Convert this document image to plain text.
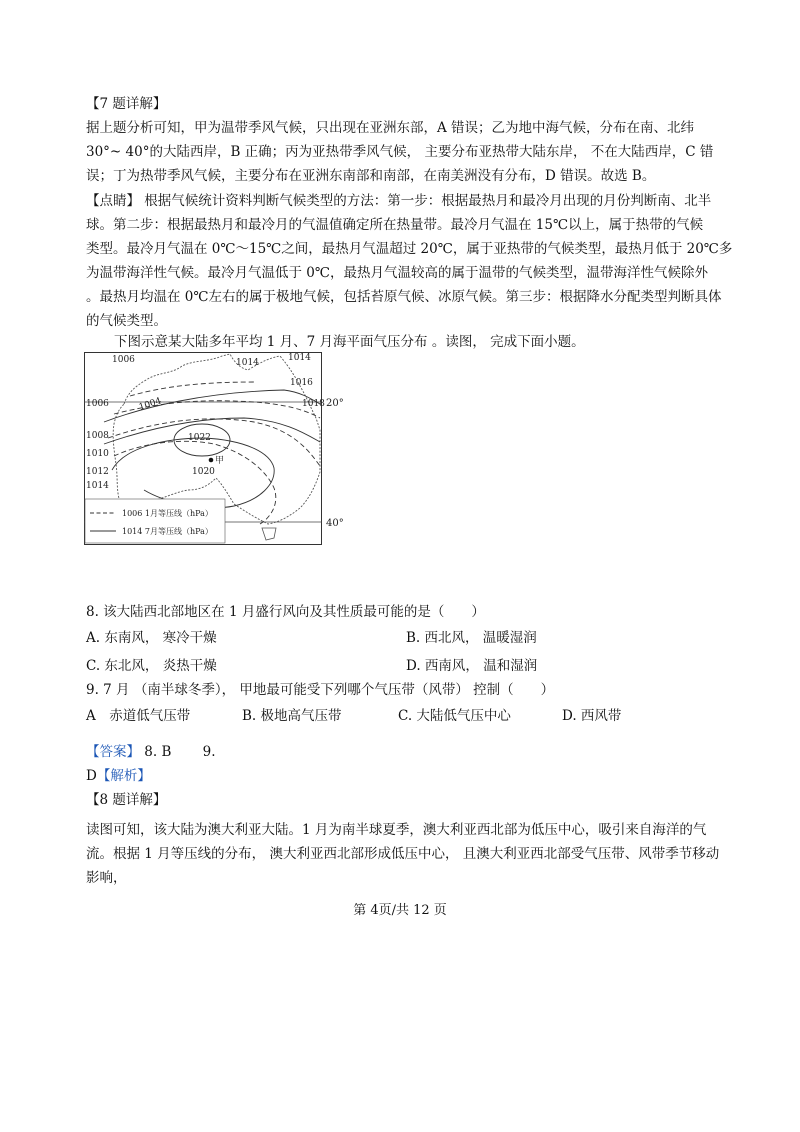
【7 题详解】
据上题分析可知，甲为温带季风气候，只出现在亚洲东部，A 错误；乙为地中海气候，分布在南、北纬
30°~ 40°的大陆西岸，B 正确；丙为亚热带季风气候， 主要分布亚热带大陆东岸， 不在大陆西岸，C 错
误；丁为热带季风气候，主要分布在亚洲东南部和南部，在南美洲没有分布，D 错误。故选 B。
【点睛】 根据气候统计资料判断气候类型的方法：第一步：根据最热月和最冷月出现的月份判断南、北半
球。第二步：根据最热月和最冷月的气温值确定所在热量带。最冷月气温在 15℃以上，属于热带的气候
类型。最冷月气温在 0℃～15℃之间，最热月气温超过 20℃，属于亚热带的气候类型，最热月低于 20℃多
为温带海洋性气候。最冷月气温低于 0℃，最热月气温较高的属于温带的气候类型，温带海洋性气候除外
。最热月均温在 0℃左右的属于极地气候，包括苔原气候、冰原气候。第三步：根据降水分配类型判断具体
的气候类型。
下图示意某大陆多年平均 1 月、7 月海平面气压分布 。读图， 完成下面小题。
1006	1014	1014
1016
1018
1006
1008
1010
1012
1014
1004
1022
1020
甲
20°
40°
1006 1月等压线（hPa）
1014 7月等压线（hPa）
8. 该大陆西北部地区在 1 月盛行风向及其性质最可能的是（　　）
A. 东南风， 寒冷干燥	B. 西北风， 温暖湿润
C. 东北风， 炎热干燥	D. 西南风， 温和湿润
9. 7 月 （南半球冬季）， 甲地最可能受下列哪个气压带（风带） 控制（　　）
A　赤道低气压带	B. 极地高气压带	C. 大陆低气压中心	D. 西风带
【答案】 8. B　　 9.
D【解析】
【8 题详解】
读图可知，该大陆为澳大利亚大陆。1 月为南半球夏季，澳大利亚西北部为低压中心，吸引来自海洋的气
流。根据 1 月等压线的分布， 澳大利亚西北部形成低压中心， 且澳大利亚西北部受气压带、风带季节移动
影响，
第 4页/共 12 页
